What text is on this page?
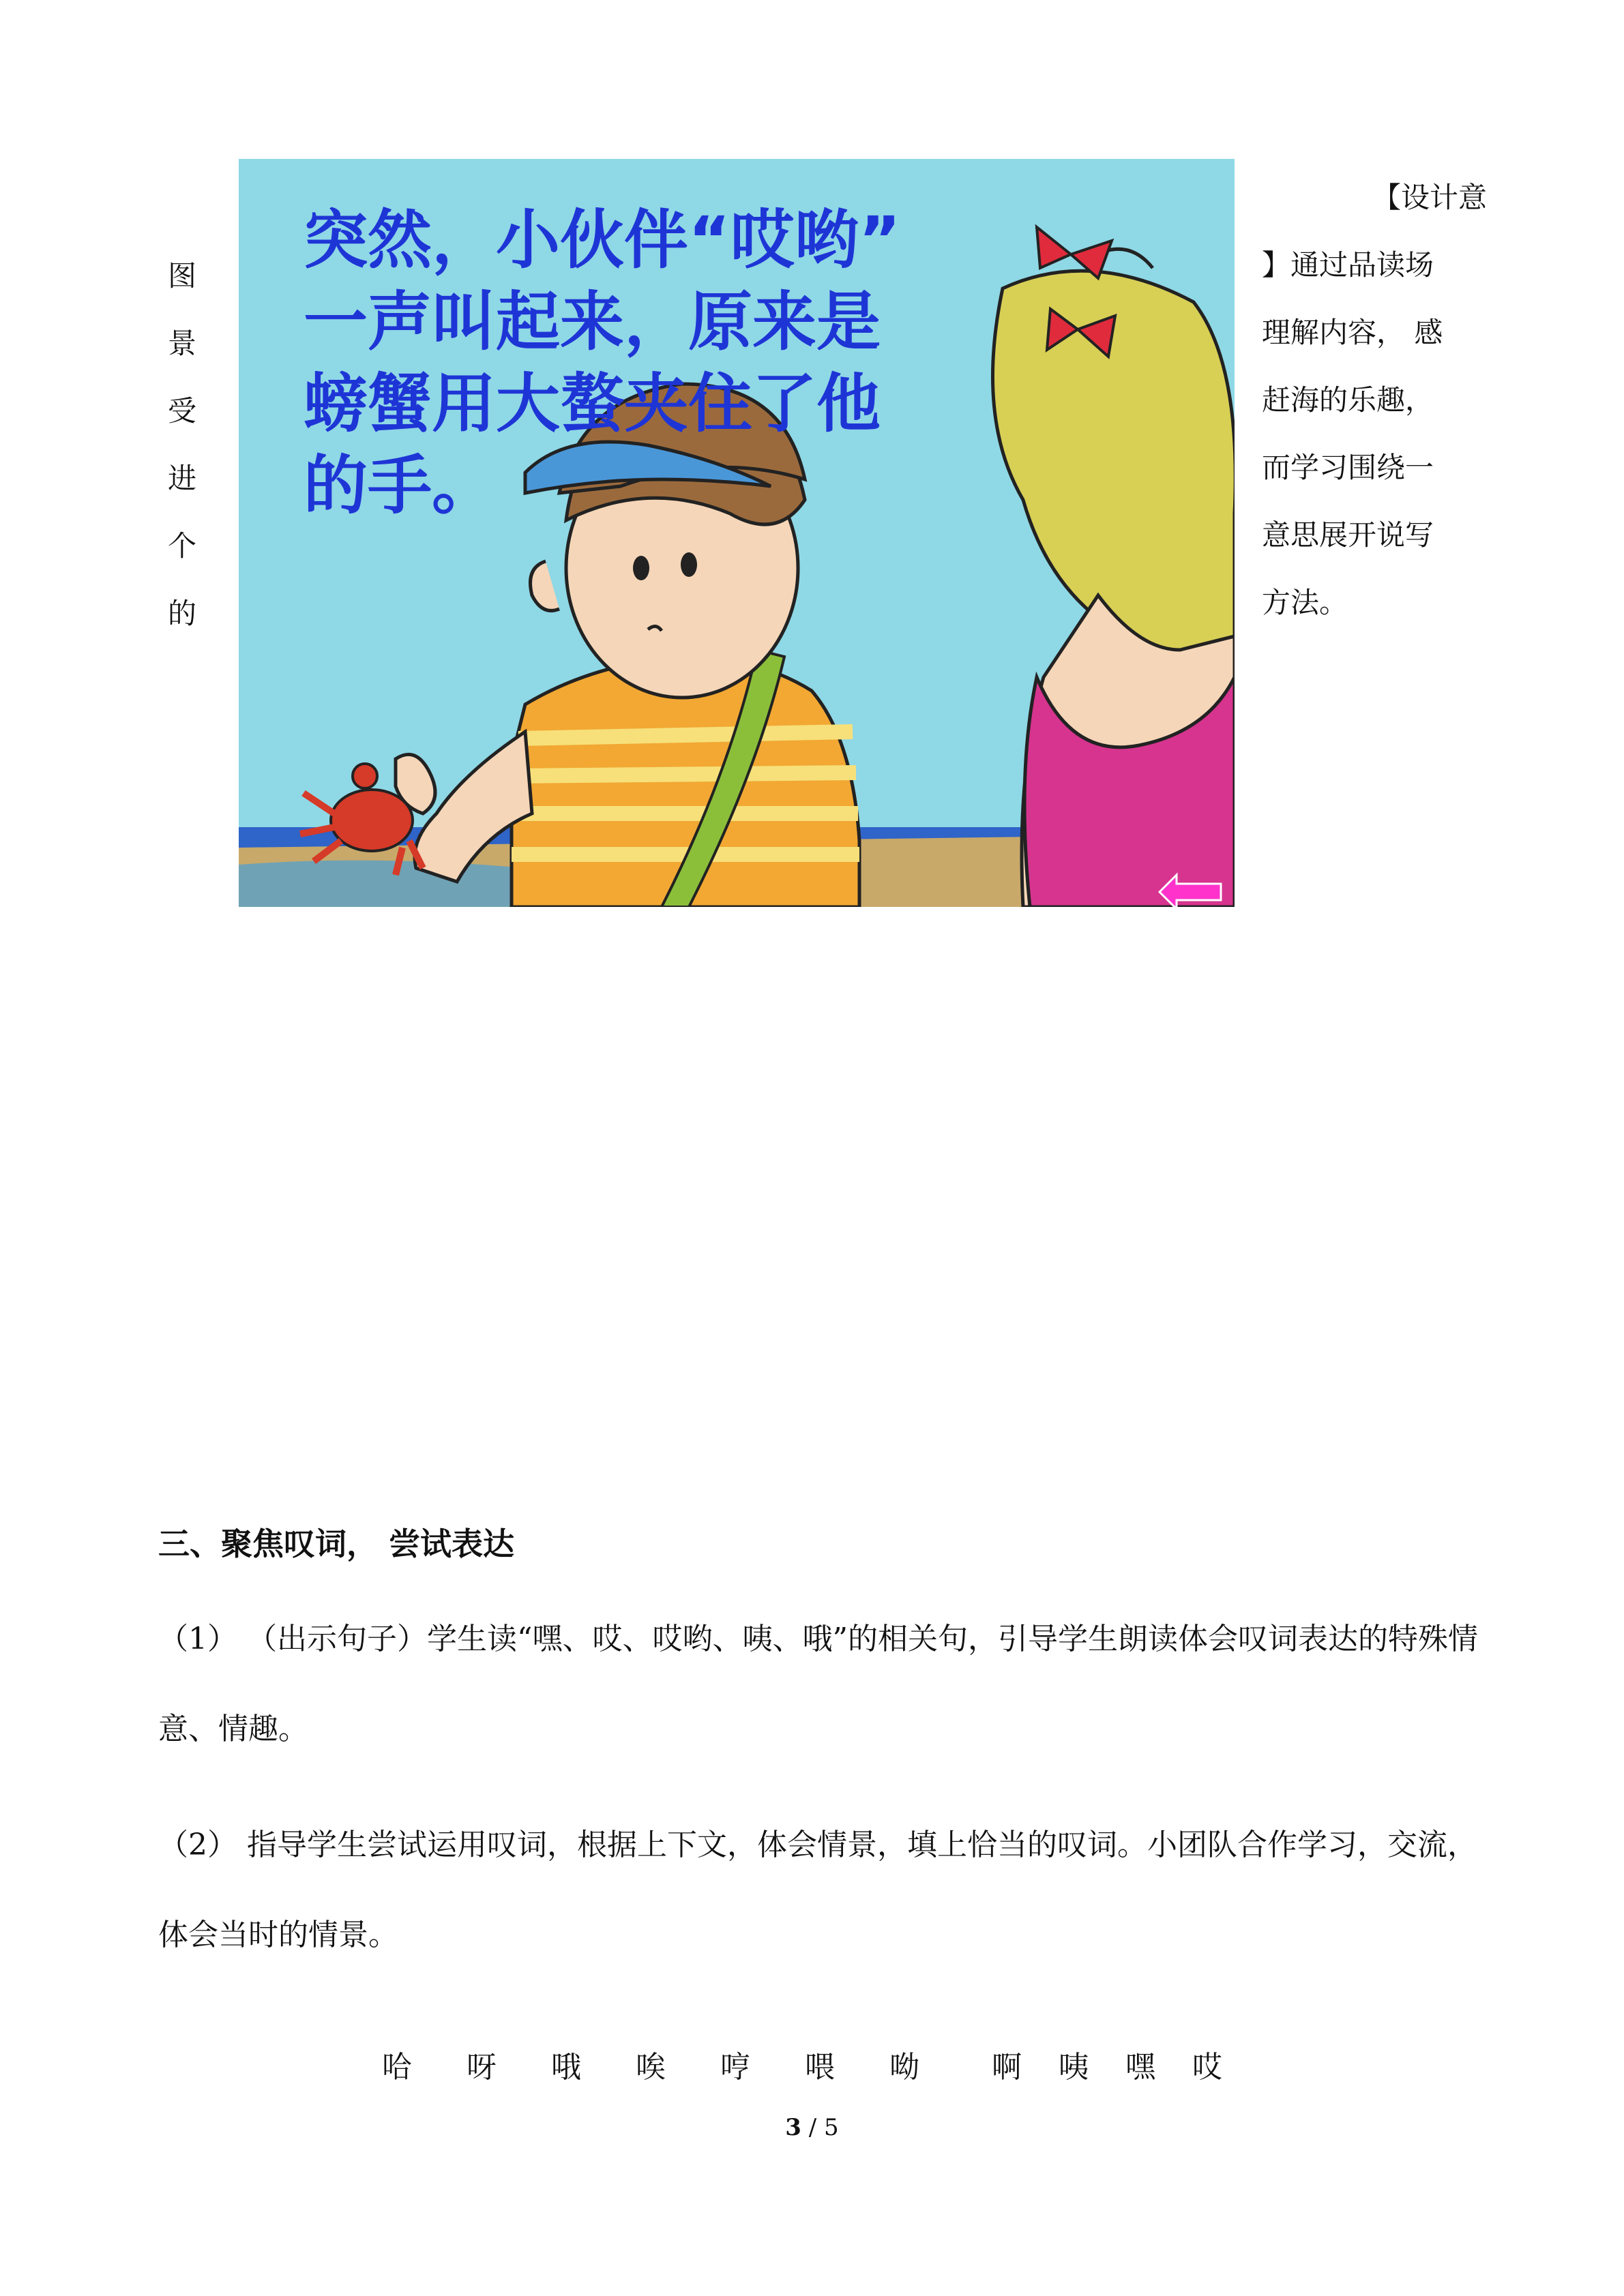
图
景
受
进
个
的
突然，小伙伴“哎哟”
一声叫起来，原来是
螃蟹用大螯夹住了他
的手。
【设计意
】通过品读场
理解内容， 感
赶海的乐趣，
而学习围绕一
意思展开说写
方法。
三、聚焦叹词， 尝试表达
（1） （出示句子）学生读“嘿、哎、哎哟、咦、哦”的相关句，引导学生朗读体会叹词表达的特殊情意、情趣。
（2） 指导学生尝试运用叹词，根据上下文，体会情景，填上恰当的叹词。小团队合作学习，交流，体会当时的情景。
哈 呀 哦 唉 哼 喂 呦 啊 咦 嘿 哎
3 / 5
